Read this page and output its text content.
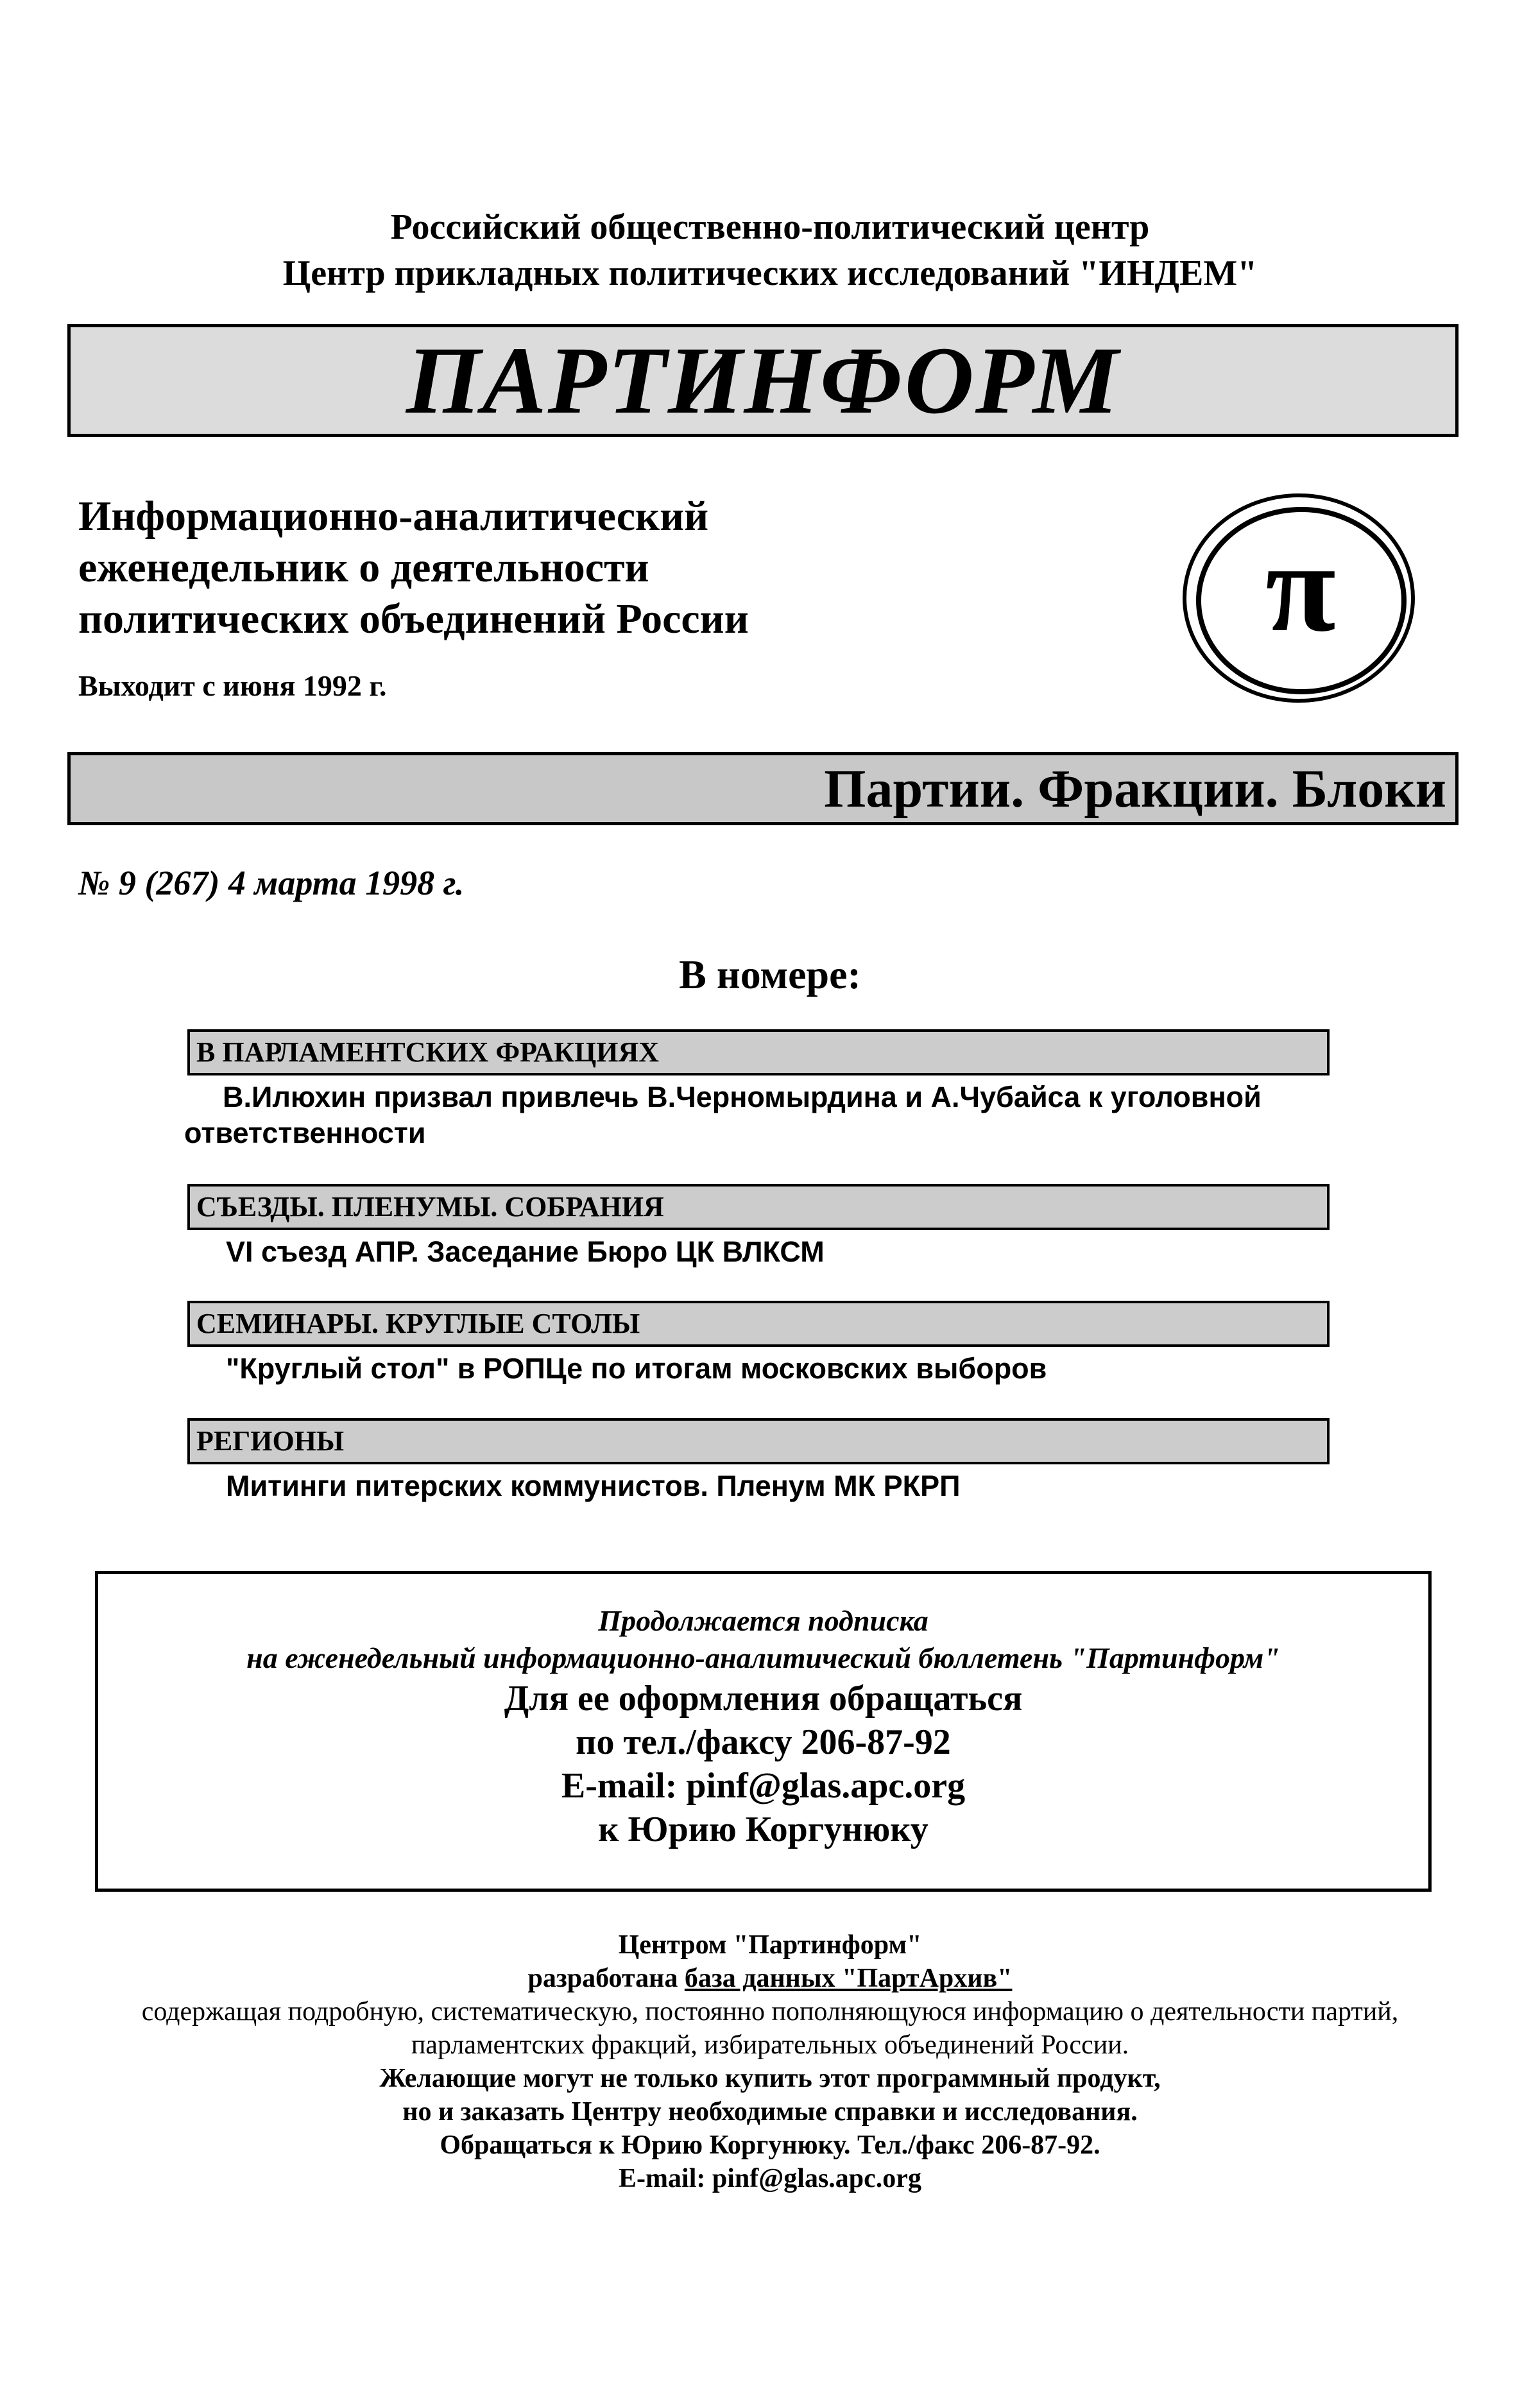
Российский общественно-политический центр
Центр прикладных политических исследований "ИНДЕМ"
ПАРТИНФОРМ
Информационно-аналитический
еженедельник о деятельности
политических объединений России
Выходит с июня 1992 г.
π
Партии. Фракции. Блоки
№ 9 (267) 4 марта 1998 г.
В номере:
В ПАРЛАМЕНТСКИХ ФРАКЦИЯХ
В.Илюхин призвал привлечь В.Черномырдина и А.Чубайса к уголовной
ответственности
СЪЕЗДЫ. ПЛЕНУМЫ. СОБРАНИЯ
VI съезд АПР. Заседание Бюро ЦК ВЛКСМ
СЕМИНАРЫ. КРУГЛЫЕ СТОЛЫ
"Круглый стол" в РОПЦе по итогам московских выборов
РЕГИОНЫ
Митинги питерских коммунистов. Пленум МК РКРП
Продолжается подписка
на еженедельный информационно-аналитический бюллетень "Партинформ"
Для ее оформления обращаться
по тел./факсу 206-87-92
E-mail: pinf@glas.apc.org
к Юрию Коргунюку
Центром "Партинформ"
разработана база данных "ПартАрхив"
содержащая подробную, систематическую, постоянно пополняющуюся информацию о деятельности партий,
парламентских фракций, избирательных объединений России.
Желающие могут не только купить этот программный продукт,
но и заказать Центру необходимые справки и исследования.
Обращаться к Юрию Коргунюку. Тел./факс 206-87-92.
E-mail: pinf@glas.apc.org
